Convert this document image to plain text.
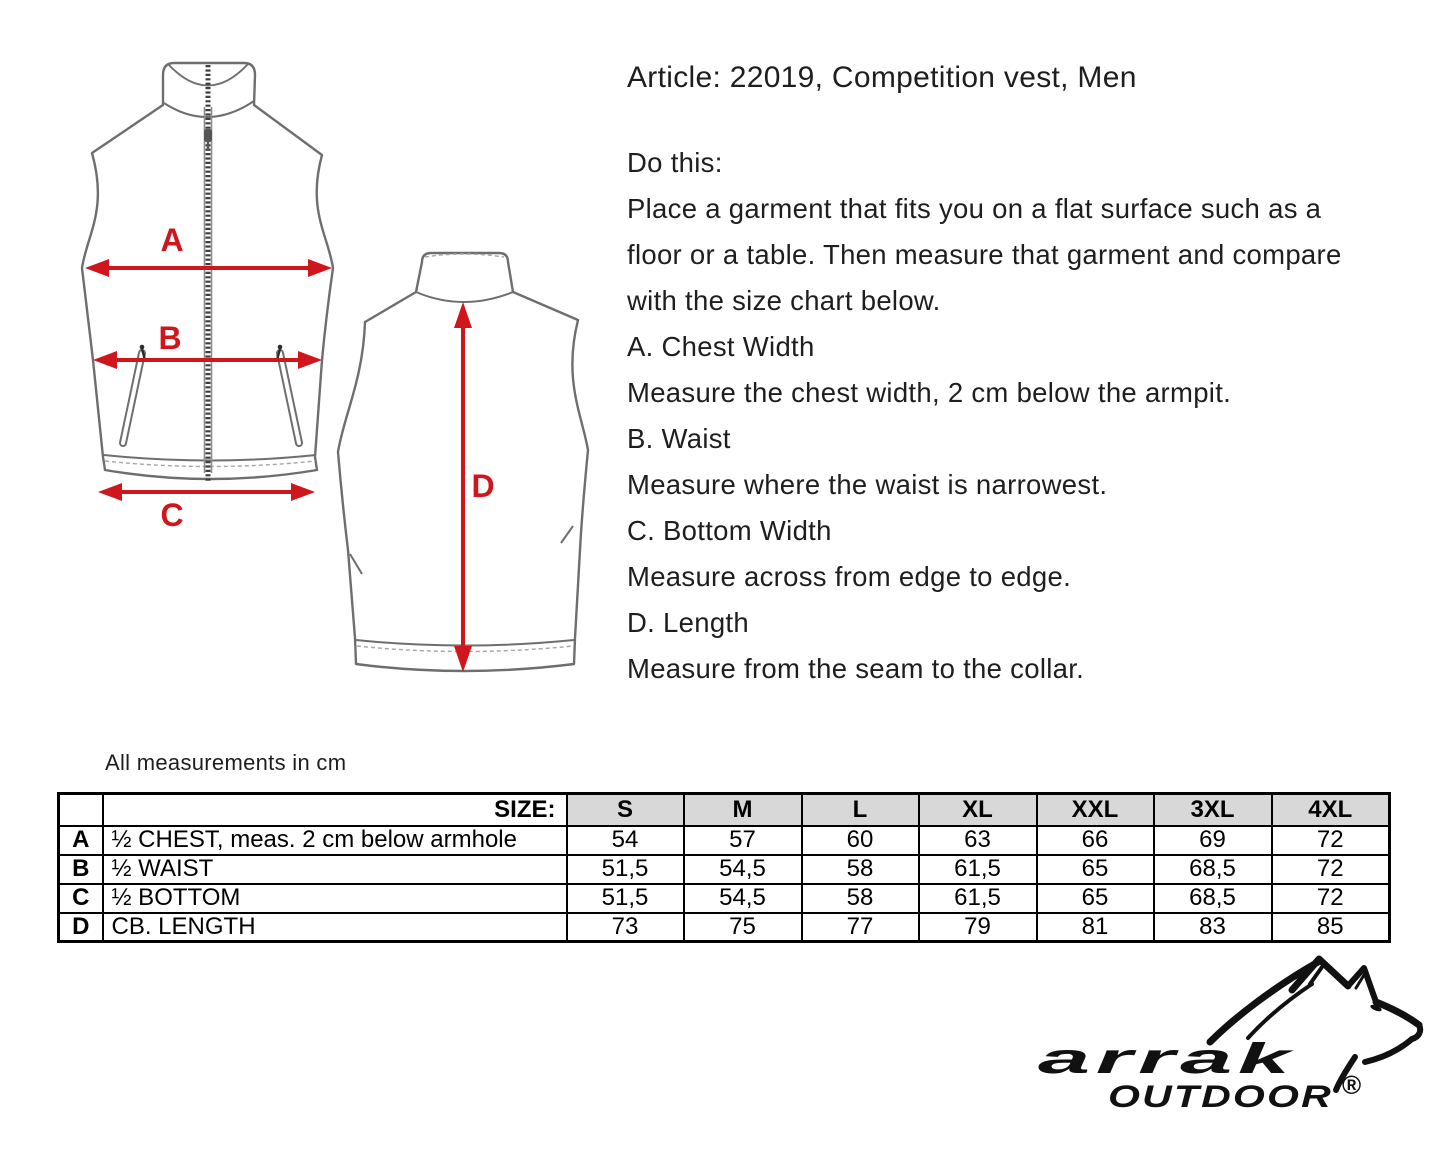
A
B
C
D
Article: 22019, Competition vest, Men
Do this:
Place a garment that fits you on a flat surface such as a
floor or a table. Then measure that garment and compare
with the size chart below.
A. Chest Width
Measure the chest width, 2 cm below the armpit.
B. Waist
Measure where the waist is narrowest.
C. Bottom Width
Measure across from edge to edge.
D. Length
Measure from the seam to the collar.
All measurements in cm
	SIZE:	S	M	L	XL	XXL	3XL	4XL
A	½ CHEST, meas. 2 cm below armhole	54	57	60	63	66	69	72
B	½ WAIST	51,5	54,5	58	61,5	65	68,5	72
C	½ BOTTOM	51,5	54,5	58	61,5	65	68,5	72
D	CB. LENGTH	73	75	77	79	81	83	85
arrak
OUTDOOR ®
